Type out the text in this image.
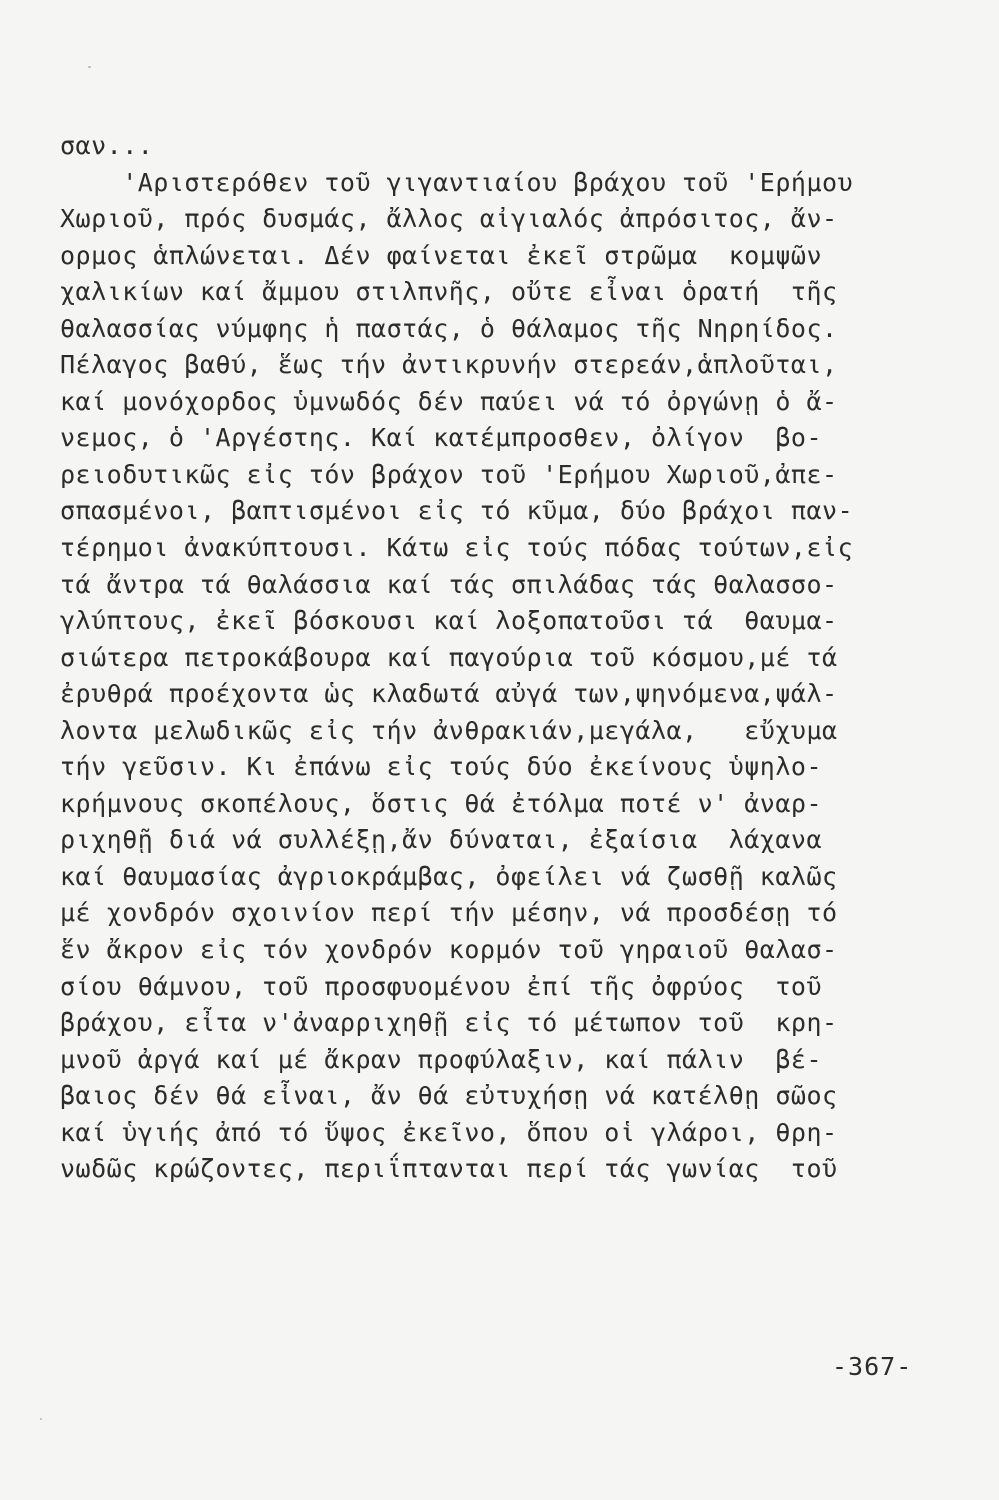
σαν...
'Αριστερόθεν τοῦ γιγαντιαίου βράχου τοῦ 'Ερήμου
Χωριοῦ, πρός δυσμάς, ἄλλος αἰγιαλός ἀπρόσιτος, ἄν-
ορμος ἁπλώνεται. Δέν φαίνεται ἐκεῖ στρῶμα  κομψῶν
χαλικίων καί ἄμμου στιλπνῆς, οὔτε εἶναι ὁρατή  τῆς
θαλασσίας νύμφης ἡ παστάς, ὁ θάλαμος τῆς Νηρηίδος.
Πέλαγος βαθύ, ἕως τήν ἀντικρυνήν στερεάν,ἁπλοῦται,
καί μονόχορδος ὑμνωδός δέν παύει νά τό ὀργώνῃ ὁ ἄ-
νεμος, ὁ 'Αργέστης. Καί κατέμπροσθεν, ὀλίγον  βο-
ρειοδυτικῶς εἰς τόν βράχον τοῦ 'Ερήμου Χωριοῦ,ἀπε-
σπασμένοι, βαπτισμένοι εἰς τό κῦμα, δύο βράχοι παν-
τέρημοι ἀνακύπτουσι. Κάτω εἰς τούς πόδας τούτων,εἰς
τά ἄντρα τά θαλάσσια καί τάς σπιλάδας τάς θαλασσο-
γλύπτους, ἐκεῖ βόσκουσι καί λοξοπατοῦσι τά  θαυμα-
σιώτερα πετροκάβουρα καί παγούρια τοῦ κόσμου,μέ τά
ἐρυθρά προέχοντα ὡς κλαδωτά αὐγά των,ψηνόμενα,ψάλ-
λοντα μελωδικῶς εἰς τήν ἀνθρακιάν,μεγάλα,   εὔχυμα
τήν γεῦσιν. Κι ἐπάνω εἰς τούς δύο ἐκείνους ὑψηλο-
κρήμνους σκοπέλους, ὅστις θά ἐτόλμα ποτέ ν' ἀναρ-
ριχηθῇ διά νά συλλέξῃ,ἄν δύναται, ἐξαίσια  λάχανα
καί θαυμασίας ἀγριοκράμβας, ὀφείλει νά ζωσθῇ καλῶς
μέ χονδρόν σχοινίον περί τήν μέσην, νά προσδέσῃ τό
ἕν ἄκρον εἰς τόν χονδρόν κορμόν τοῦ γηραιοῦ θαλασ-
σίου θάμνου, τοῦ προσφυομένου ἐπί τῆς ὀφρύος  τοῦ
βράχου, εἶτα ν'ἀναρριχηθῇ εἰς τό μέτωπον τοῦ  κρη-
μνοῦ ἀργά καί μέ ἄκραν προφύλαξιν, καί πάλιν  βέ-
βαιος δέν θά εἶναι, ἄν θά εὐτυχήσῃ νά κατέλθῃ σῶος
καί ὑγιής ἀπό τό ὕψος ἐκεῖνο, ὅπου οἱ γλάροι, θρη-
νωδῶς κρώζοντες, περιΐπτανται περί τάς γωνίας  τοῦ
-367-
